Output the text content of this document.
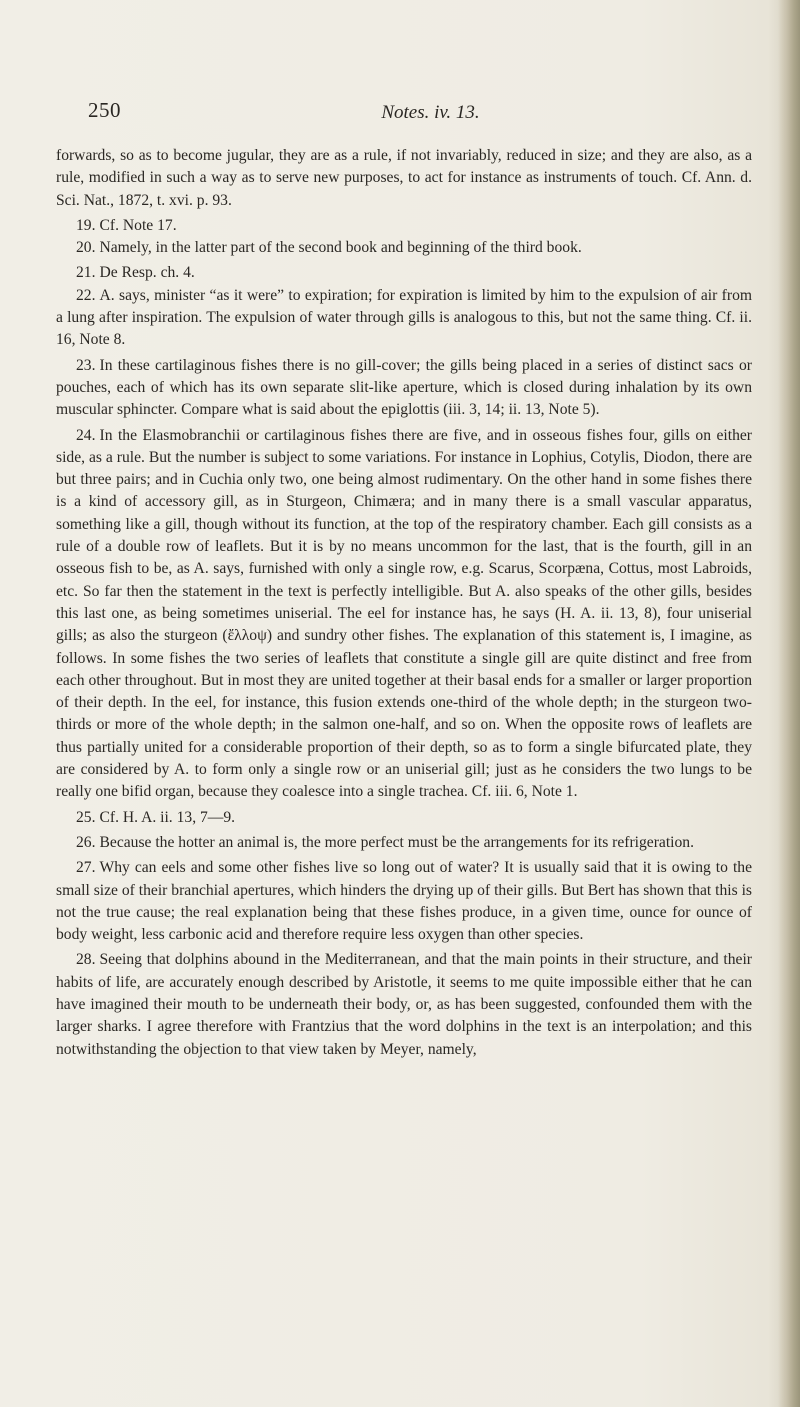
250	Notes. iv. 13.

forwards, so as to become jugular, they are as a rule, if not invariably, reduced in size; and they are also, as a rule, modified in such a way as to serve new purposes, to act for instance as instruments of touch. Cf. Ann. d. Sci. Nat., 1872, t. xvi. p. 93.

19. Cf. Note 17.

20. Namely, in the latter part of the second book and beginning of the third book.

21. De Resp. ch. 4.

22. A. says, minister “as it were” to expiration; for expiration is limited by him to the expulsion of air from a lung after inspiration. The expulsion of water through gills is analogous to this, but not the same thing. Cf. ii. 16, Note 8.

23. In these cartilaginous fishes there is no gill-cover; the gills being placed in a series of distinct sacs or pouches, each of which has its own separate slit-like aperture, which is closed during inhalation by its own muscular sphincter. Compare what is said about the epiglottis (iii. 3, 14; ii. 13, Note 5).

24. In the Elasmobranchii or cartilaginous fishes there are five, and in osseous fishes four, gills on either side, as a rule. But the number is subject to some variations. For instance in Lophius, Cotylis, Diodon, there are but three pairs; and in Cuchia only two, one being almost rudimentary. On the other hand in some fishes there is a kind of accessory gill, as in Sturgeon, Chimæra; and in many there is a small vascular apparatus, something like a gill, though without its function, at the top of the respiratory chamber. Each gill consists as a rule of a double row of leaflets. But it is by no means uncommon for the last, that is the fourth, gill in an osseous fish to be, as A. says, furnished with only a single row, e.g. Scarus, Scorpæna, Cottus, most Labroids, etc. So far then the statement in the text is perfectly intelligible. But A. also speaks of the other gills, besides this last one, as being sometimes uniserial. The eel for instance has, he says (H. A. ii. 13, 8), four uniserial gills; as also the sturgeon (ἔλλοψ) and sundry other fishes. The explanation of this statement is, I imagine, as follows. In some fishes the two series of leaflets that constitute a single gill are quite distinct and free from each other throughout. But in most they are united together at their basal ends for a smaller or larger proportion of their depth. In the eel, for instance, this fusion extends one-third of the whole depth; in the sturgeon two-thirds or more of the whole depth; in the salmon one-half, and so on. When the opposite rows of leaflets are thus partially united for a considerable proportion of their depth, so as to form a single bifurcated plate, they are considered by A. to form only a single row or an uniserial gill; just as he considers the two lungs to be really one bifid organ, because they coalesce into a single trachea. Cf. iii. 6, Note 1.

25. Cf. H. A. ii. 13, 7—9.

26. Because the hotter an animal is, the more perfect must be the arrangements for its refrigeration.

27. Why can eels and some other fishes live so long out of water? It is usually said that it is owing to the small size of their branchial apertures, which hinders the drying up of their gills. But Bert has shown that this is not the true cause; the real explanation being that these fishes produce, in a given time, ounce for ounce of body weight, less carbonic acid and therefore require less oxygen than other species.

28. Seeing that dolphins abound in the Mediterranean, and that the main points in their structure, and their habits of life, are accurately enough described by Aristotle, it seems to me quite impossible either that he can have imagined their mouth to be underneath their body, or, as has been suggested, confounded them with the larger sharks. I agree therefore with Frantzius that the word dolphins in the text is an interpolation; and this notwithstanding the objection to that view taken by Meyer, namely,
